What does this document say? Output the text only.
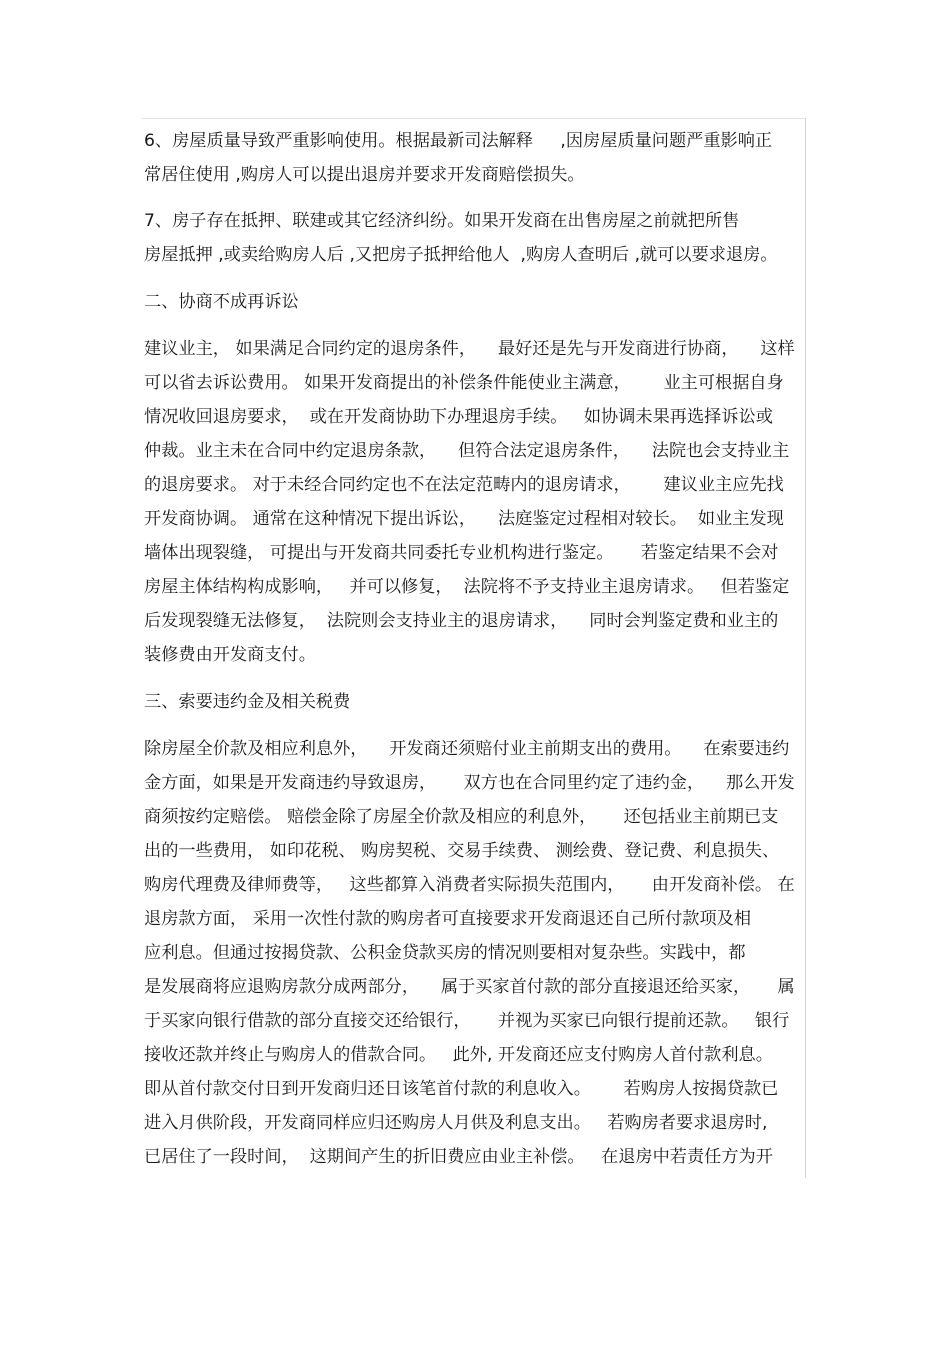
6、房屋质量导致严重影响使用。根据最新司法解释     ,因房屋质量问题严重影响正
常居住使用 ,购房人可以提出退房并要求开发商赔偿损失。
7、房子存在抵押、联建或其它经济纠纷。如果开发商在出售房屋之前就把所售
房屋抵押 ,或卖给购房人后 ,又把房子抵押给他人  ,购房人查明后 ,就可以要求退房。
二、协商不成再诉讼
建议业主， 如果满足合同约定的退房条件，    最好还是先与开发商进行协商，    这样
可以省去诉讼费用。 如果开发商提出的补偿条件能使业主满意，      业主可根据自身
情况收回退房要求，  或在开发商协助下办理退房手续。   如协调未果再选择诉讼或
仲裁。业主未在合同中约定退房条款，    但符合法定退房条件，    法院也会支持业主
的退房要求。 对于未经合同约定也不在法定范畴内的退房请求，      建议业主应先找
开发商协调。 通常在这种情况下提出诉讼，    法庭鉴定过程相对较长。  如业主发现
墙体出现裂缝， 可提出与开发商共同委托专业机构进行鉴定。     若鉴定结果不会对
房屋主体结构构成影响，   并可以修复，  法院将不予支持业主退房请求。   但若鉴定
后发现裂缝无法修复，  法院则会支持业主的退房请求，    同时会判鉴定费和业主的
装修费由开发商支付。
三、索要违约金及相关税费
除房屋全价款及相应利息外，    开发商还须赔付业主前期支出的费用。    在索要违约
金方面，如果是开发商违约导致退房，     双方也在合同里约定了违约金，    那么开发
商须按约定赔偿。 赔偿金除了房屋全价款及相应的利息外，     还包括业主前期已支
出的一些费用， 如印花税、 购房契税、交易手续费、 测绘费、登记费、利息损失、
购房代理费及律师费等，   这些都算入消费者实际损失范围内，     由开发商补偿。 在
退房款方面， 采用一次性付款的购房者可直接要求开发商退还自己所付款项及相
应利息。但通过按揭贷款、公积金贷款买房的情况则要相对复杂些。实践中，都
是发展商将应退购房款分成两部分，    属于买家首付款的部分直接退还给买家，     属
于买家向银行借款的部分直接交还给银行，     并视为买家已向银行提前还款。   银行
接收还款并终止与购房人的借款合同。   此外, 开发商还应支付购房人首付款利息。
即从首付款交付日到开发商归还日该笔首付款的利息收入。      若购房人按揭贷款已
进入月供阶段，开发商同样应归还购房人月供及利息支出。   若购房者要求退房时,
已居住了一段时间，  这期间产生的折旧费应由业主补偿。   在退房中若责任方为开
